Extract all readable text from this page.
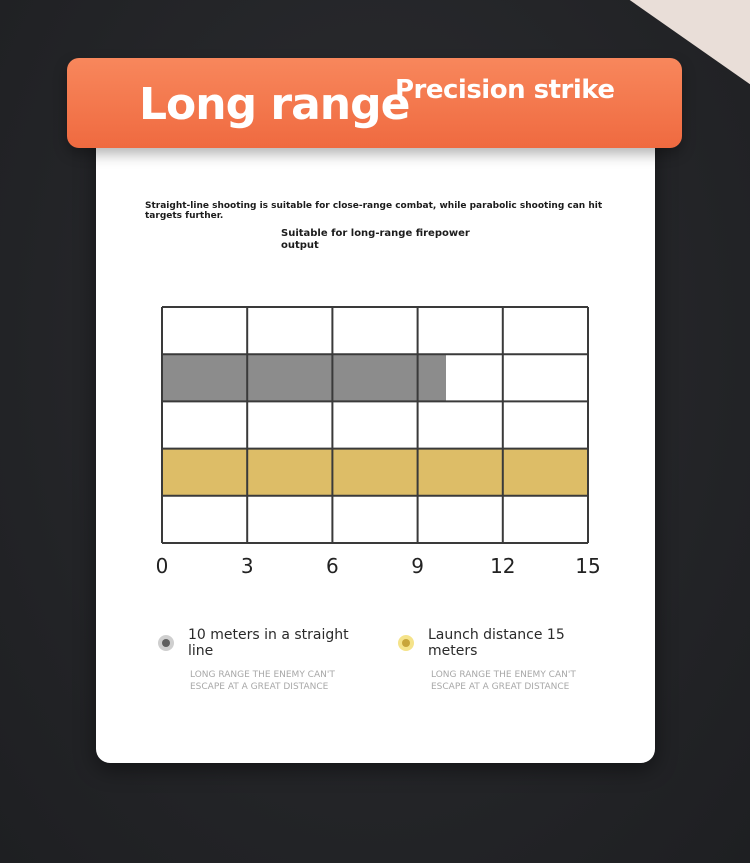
Long range
Precision strike
Straight-line shooting is suitable for close-range combat, while parabolic shooting can hit targets further.
Suitable for long-range firepower output
0	3	6	9	12	15
10 meters in a straight line
LONG RANGE THE ENEMY CAN'T ESCAPE AT A GREAT DISTANCE
Launch distance 15 meters
LONG RANGE THE ENEMY CAN'T ESCAPE AT A GREAT DISTANCE
